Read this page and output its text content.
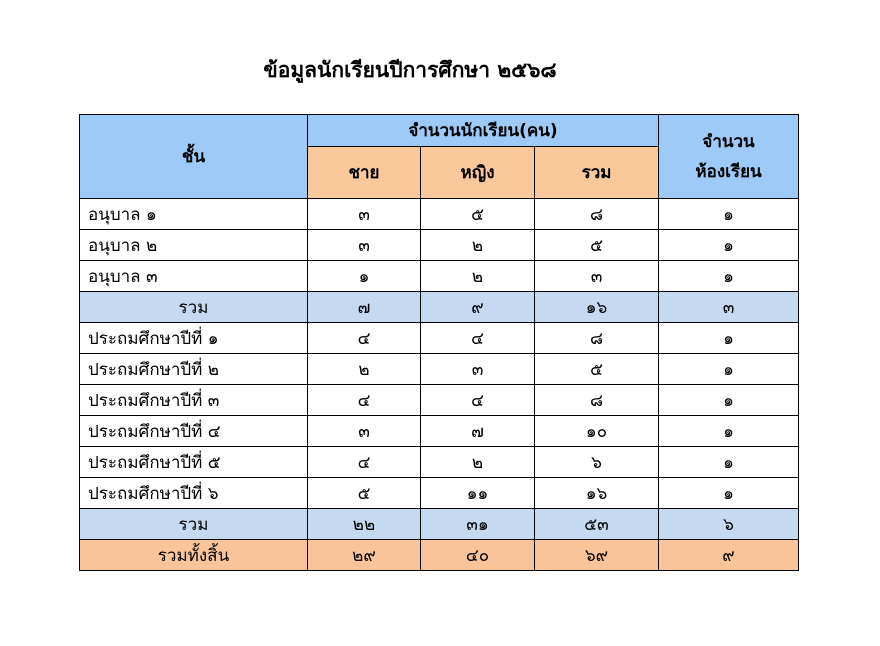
ข้อมูลนักเรียนปีการศึกษา ๒๕๖๘
ชั้น	จำนวนนักเรียน(คน)			จำนวน
ห้องเรียน

	ชาย	หญิง	รวม	
อนุบาล ๑	๓	๕	๘	๑
อนุบาล ๒	๓	๒	๕	๑
อนุบาล ๓	๑	๒	๓	๑
รวม	๗	๙	๑๖	๓
ประถมศึกษาปีที่ ๑	๔	๔	๘	๑
ประถมศึกษาปีที่ ๒	๒	๓	๕	๑
ประถมศึกษาปีที่ ๓	๔	๔	๘	๑
ประถมศึกษาปีที่ ๔	๓	๗	๑๐	๑
ประถมศึกษาปีที่ ๕	๔	๒	๖	๑
ประถมศึกษาปีที่ ๖	๕	๑๑	๑๖	๑
รวม	๒๒	๓๑	๕๓	๖
รวมทั้งสิ้น	๒๙	๔๐	๖๙	๙
